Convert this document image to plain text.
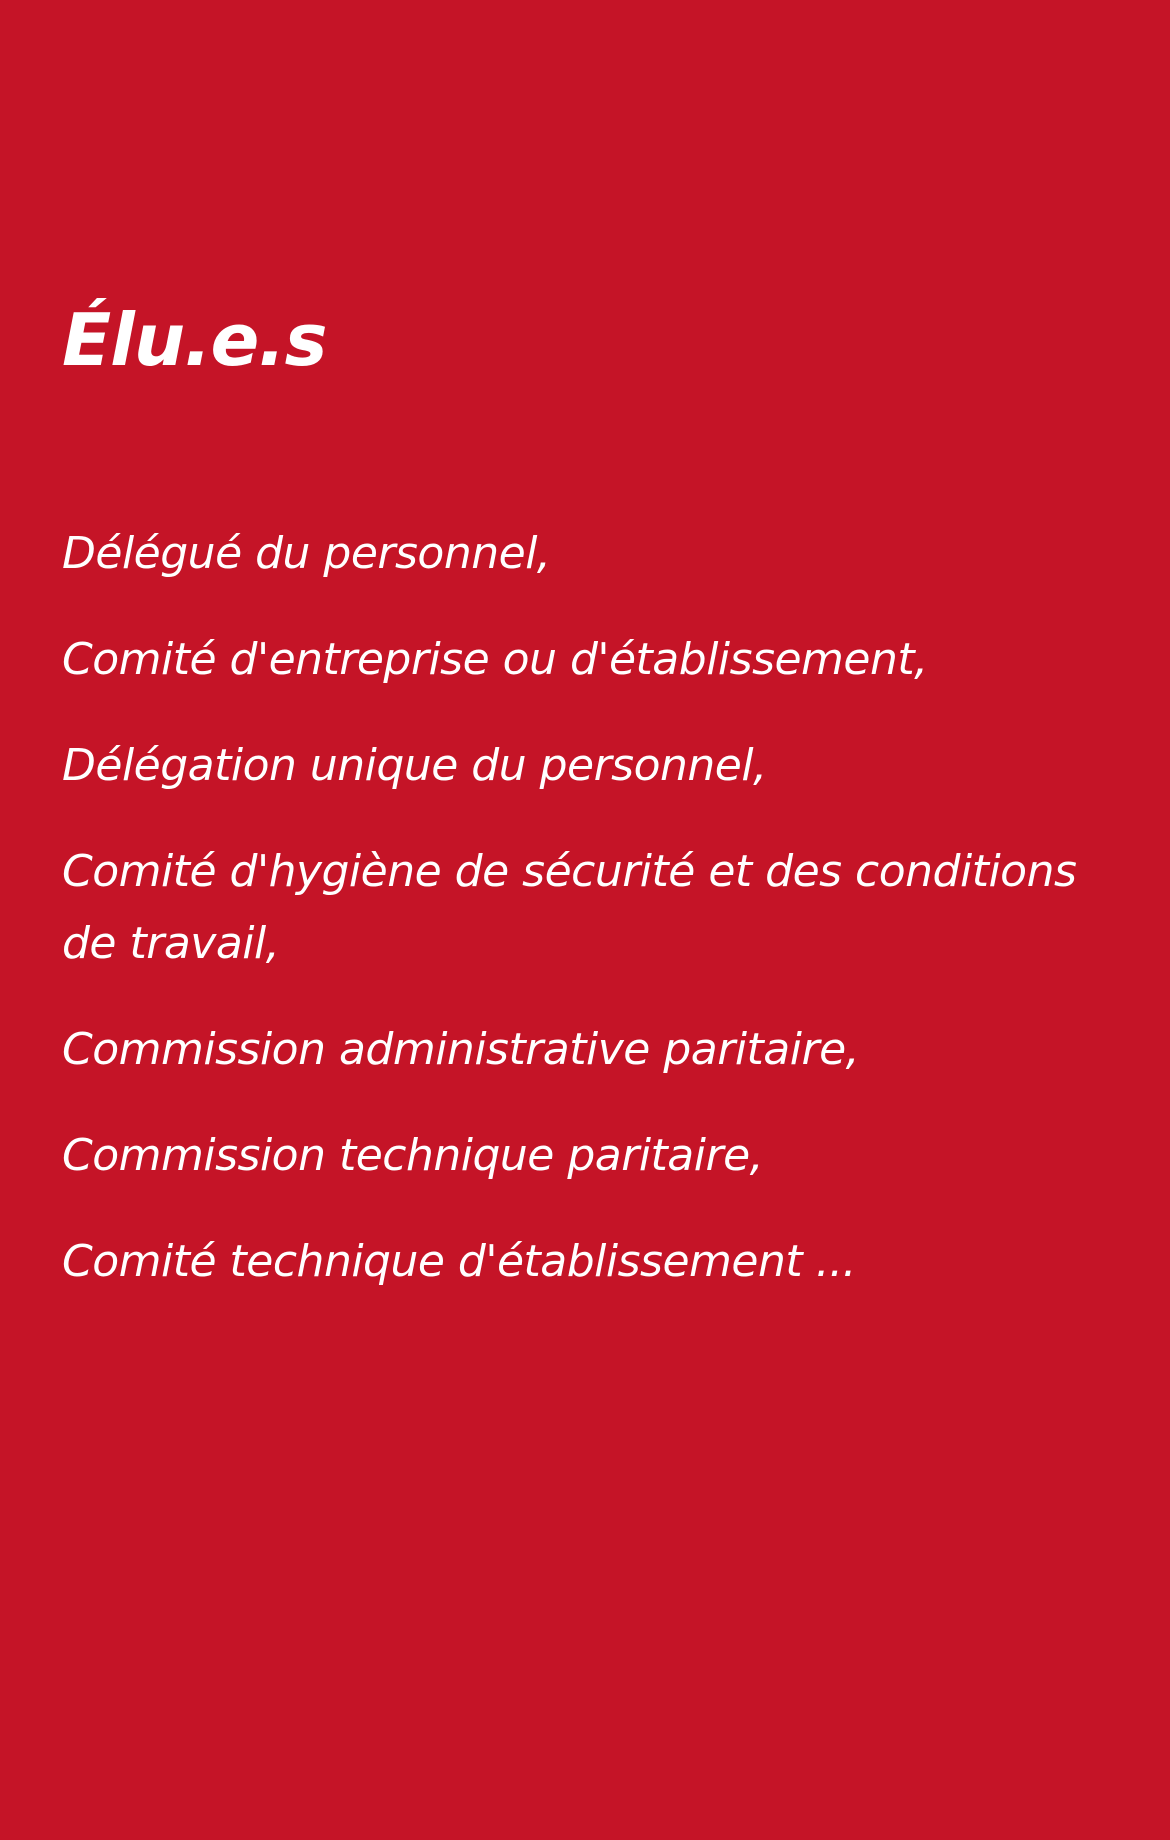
Élu.e.s
Délégué du personnel,
Comité d'entreprise ou d'établissement,
Délégation unique du personnel,
Comité d'hygiène de sécurité et des conditions de travail,
Commission administrative paritaire,
Commission technique paritaire,
Comité technique d'établissement ...
